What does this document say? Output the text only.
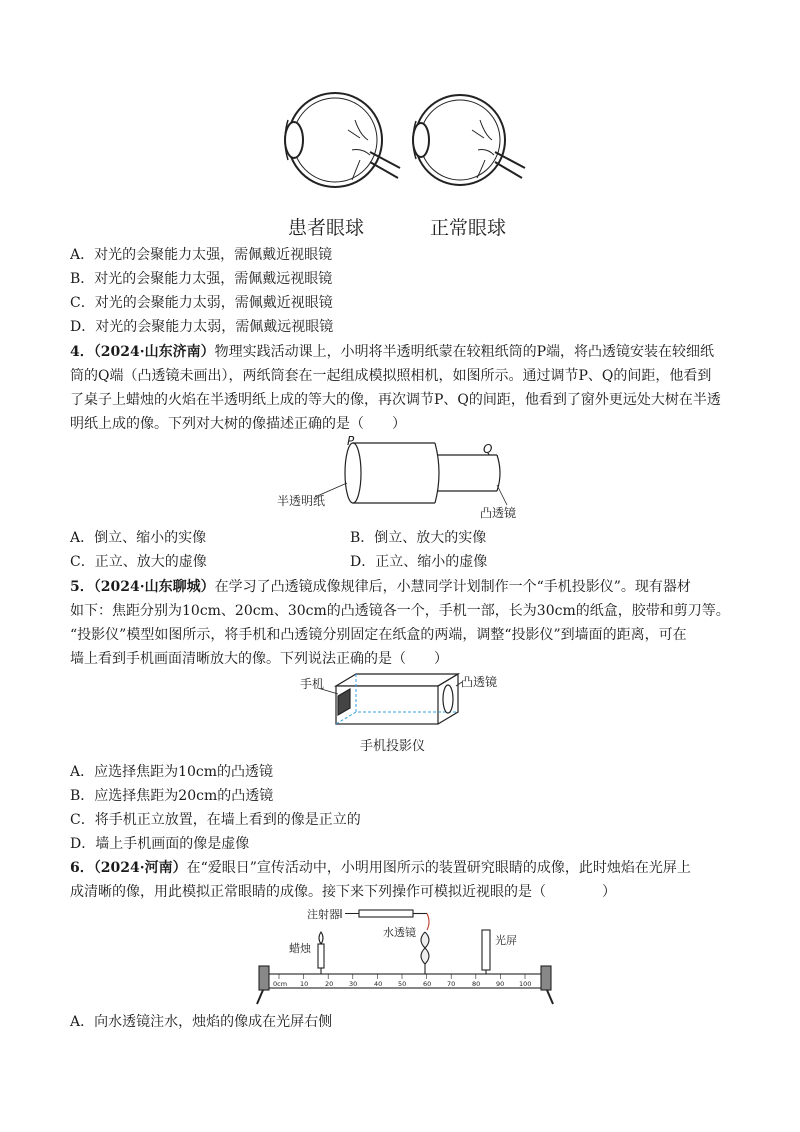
患者眼球	正常眼球
A．对光的会聚能力太强，需佩戴近视眼镜
B．对光的会聚能力太强，需佩戴远视眼镜
C．对光的会聚能力太弱，需佩戴近视眼镜
D．对光的会聚能力太弱，需佩戴远视眼镜
4．（2024·山东济南）物理实践活动课上，小明将半透明纸蒙在较粗纸筒的P端，将凸透镜安装在较细纸
筒的Q端（凸透镜未画出），两纸筒套在一起组成模拟照相机，如图所示。通过调节P、Q的间距，他看到
了桌子上蜡烛的火焰在半透明纸上成的等大的像，再次调节P、Q的间距，他看到了窗外更远处大树在半透
明纸上成的像。下列对大树的像描述正确的是（　　）
P
Q
半透明纸
凸透镜
A．倒立、缩小的实像	B．倒立、放大的实像
C．正立、放大的虚像	D．正立、缩小的虚像
5．（2024·山东聊城）在学习了凸透镜成像规律后，小慧同学计划制作一个“手机投影仪”。现有器材
如下：焦距分别为10cm、20cm、30cm的凸透镜各一个，手机一部，长为30cm的纸盒，胶带和剪刀等。
“投影仪”模型如图所示，将手机和凸透镜分别固定在纸盒的两端，调整“投影仪”到墙面的距离，可在
墙上看到手机画面清晰放大的像。下列说法正确的是（　　）
手机	凸透镜
手机投影仪
A．应选择焦距为10cm的凸透镜
B．应选择焦距为20cm的凸透镜
C．将手机正立放置，在墙上看到的像是正立的
D．墙上手机画面的像是虚像
6．（2024·河南）在“爱眼日”宣传活动中，小明用图所示的装置研究眼睛的成像，此时烛焰在光屏上
成清晰的像，用此模拟正常眼睛的成像。接下来下列操作可模拟近视眼的是（　　　　）
0cm 10	20 30	40 50	60 70	80 90 100
注射器
水透镜
蜡烛
光屏
A．向水透镜注水，烛焰的像成在光屏右侧
